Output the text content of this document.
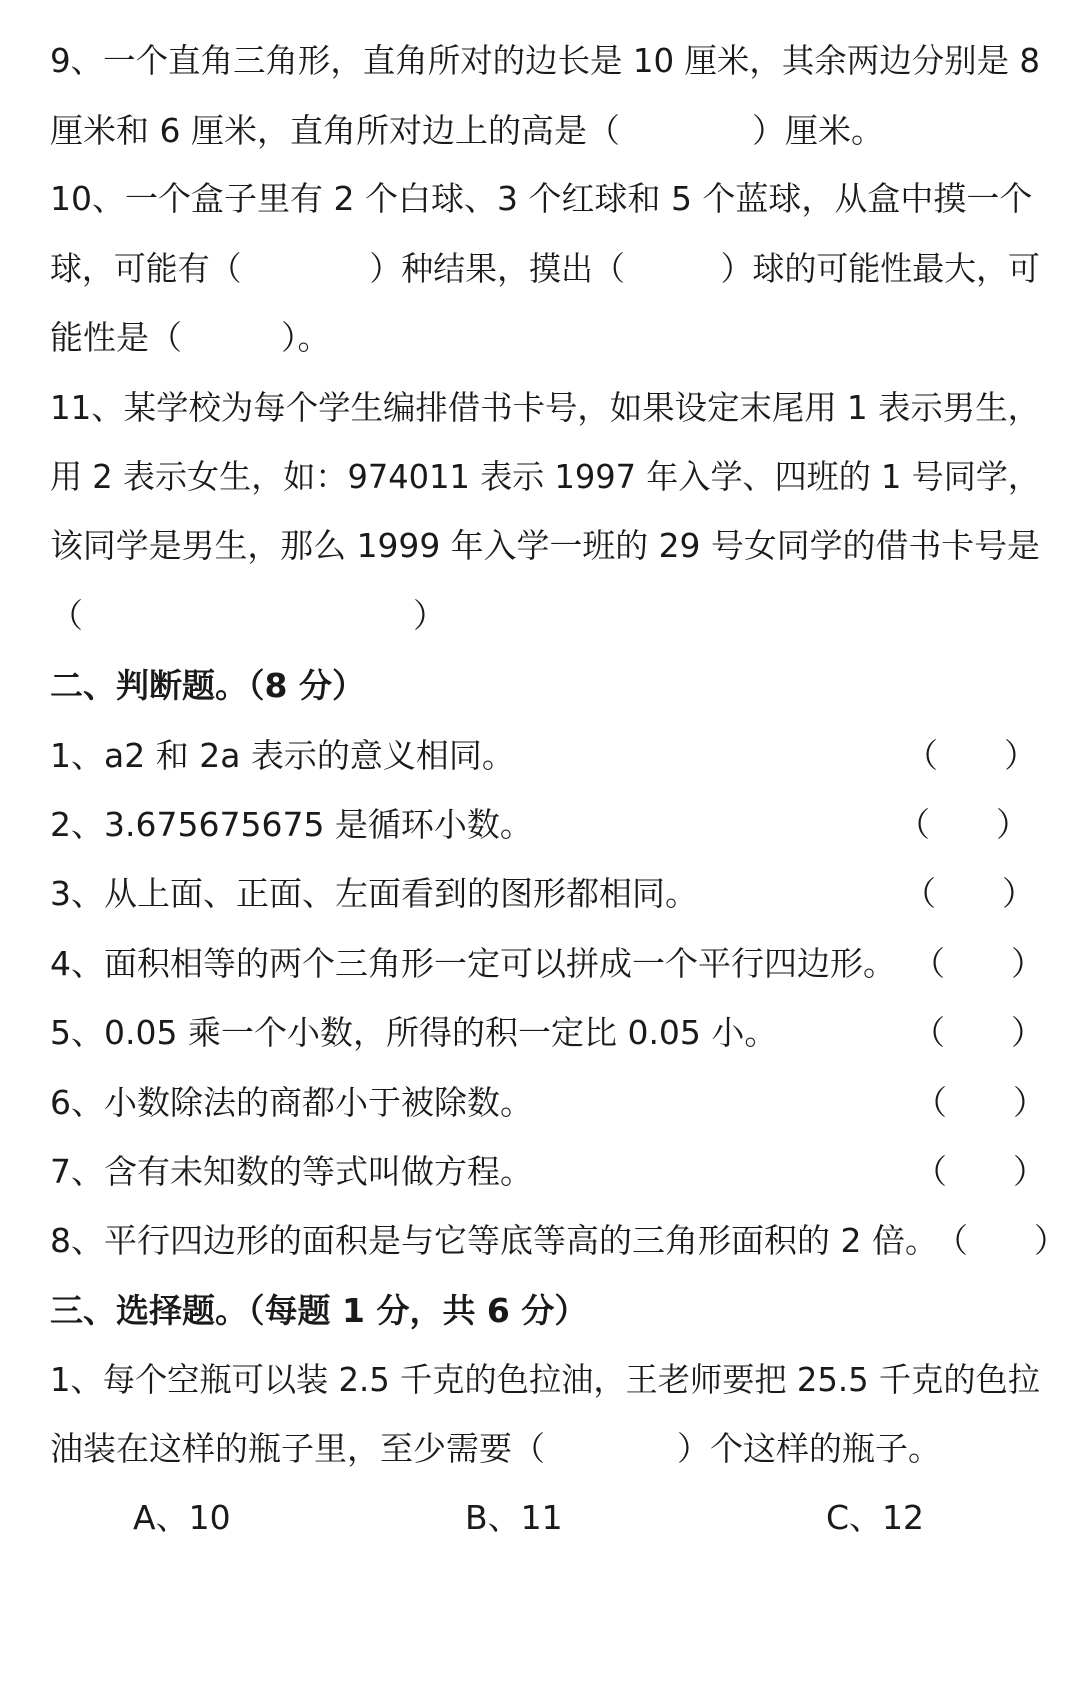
9、一个直角三角形，直角所对的边长是 10 厘米，其余两边分别是 8
厘米和 6 厘米，直角所对边上的高是（　　　　）厘米。
10、一个盒子里有 2 个白球、3 个红球和 5 个蓝球，从盒中摸一个
球，可能有（　　　　）种结果，摸出（　　　）球的可能性最大，可
能性是（　　　）。
11、某学校为每个学生编排借书卡号，如果设定末尾用 1 表示男生，
用 2 表示女生，如：974011 表示 1997 年入学、四班的 1 号同学，
该同学是男生，那么 1999 年入学一班的 29 号女同学的借书卡号是
（　　　　　　　　　　）
二、判断题。（8 分）
1、a2 和 2a 表示的意义相同。	（　　）
2、3.675675675 是循环小数。	（　　）
3、从上面、正面、左面看到的图形都相同。	（　　）
4、面积相等的两个三角形一定可以拼成一个平行四边形。 （　　）
5、0.05 乘一个小数，所得的积一定比 0.05 小。	（　　）
6、小数除法的商都小于被除数。	（　　）
7、含有未知数的等式叫做方程。	（　　）
8、平行四边形的面积是与它等底等高的三角形面积的 2 倍。
（　　）
三、选择题。（每题 1 分，共 6 分）
1、每个空瓶可以装 2.5 千克的色拉油，王老师要把 25.5 千克的色拉
油装在这样的瓶子里，至少需要（　　　　）个这样的瓶子。
A、10	B、11	C、12
